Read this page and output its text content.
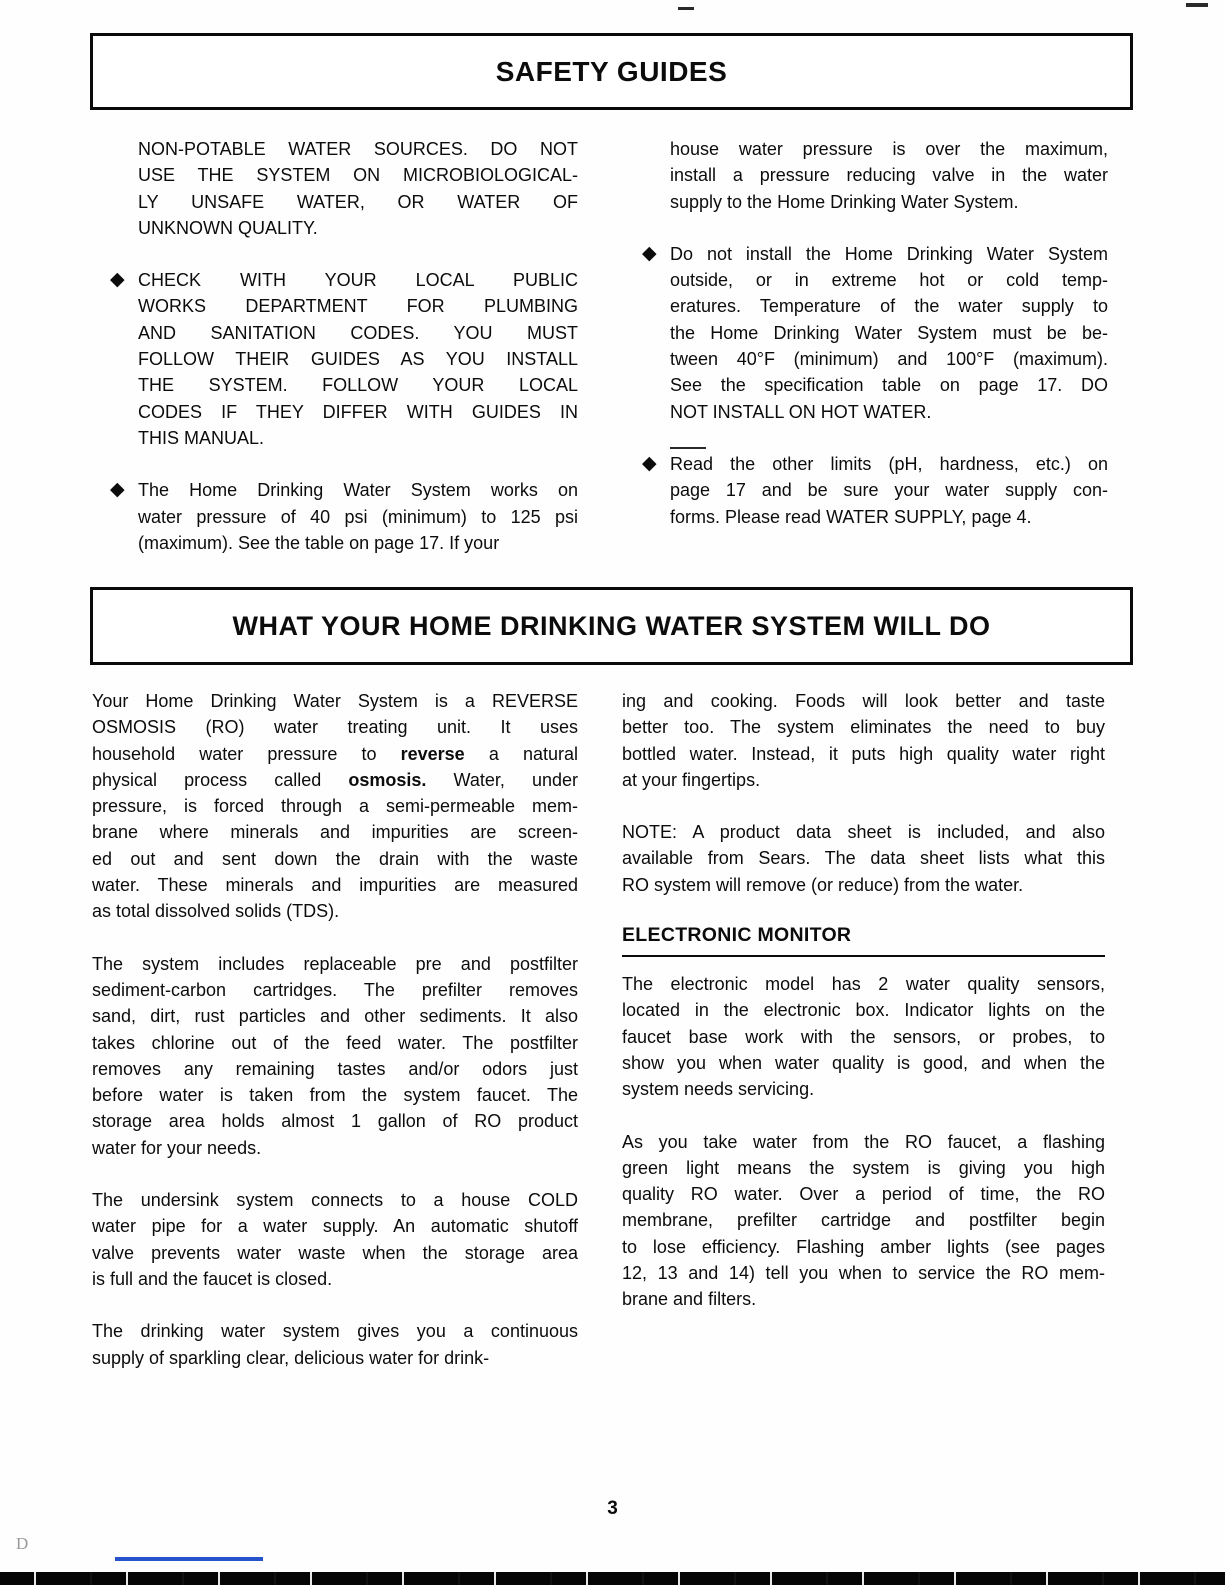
SAFETY GUIDES
NON-POTABLE WATER SOURCES. DO NOT
USE THE SYSTEM ON MICROBIOLOGICAL-
LY UNSAFE WATER, OR WATER OF
UNKNOWN QUALITY.
◆ CHECK WITH YOUR LOCAL PUBLIC
WORKS DEPARTMENT FOR PLUMBING
AND SANITATION CODES. YOU MUST
FOLLOW THEIR GUIDES AS YOU INSTALL
THE SYSTEM. FOLLOW YOUR LOCAL
CODES IF THEY DIFFER WITH GUIDES IN
THIS MANUAL.
◆ The Home Drinking Water System works on
water pressure of 40 psi (minimum) to 125 psi
(maximum). See the table on page 17. If your
house water pressure is over the maximum,
install a pressure reducing valve in the water
supply to the Home Drinking Water System.
◆ Do not install the Home Drinking Water System
outside, or in extreme hot or cold temp-
eratures. Temperature of the water supply to
the Home Drinking Water System must be be-
tween 40°F (minimum) and 100°F (maximum).
See the specification table on page 17. DO
NOT INSTALL ON HOT WATER.
◆ Read the other limits (pH, hardness, etc.) on
page 17 and be sure your water supply con-
forms. Please read WATER SUPPLY, page 4.
WHAT YOUR HOME DRINKING WATER SYSTEM WILL DO
Your Home Drinking Water System is a REVERSE
OSMOSIS (RO) water treating unit. It uses
household water pressure to reverse a natural
physical process called osmosis. Water, under
pressure, is forced through a semi-permeable mem-
brane where minerals and impurities are screen-
ed out and sent down the drain with the waste
water. These minerals and impurities are measured
as total dissolved solids (TDS).
The system includes replaceable pre and postfilter
sediment-carbon cartridges. The prefilter removes
sand, dirt, rust particles and other sediments. It also
takes chlorine out of the feed water. The postfilter
removes any remaining tastes and/or odors just
before water is taken from the system faucet. The
storage area holds almost 1 gallon of RO product
water for your needs.
The undersink system connects to a house COLD
water pipe for a water supply. An automatic shutoff
valve prevents water waste when the storage area
is full and the faucet is closed.
The drinking water system gives you a continuous
supply of sparkling clear, delicious water for drink-
ing and cooking. Foods will look better and taste
better too. The system eliminates the need to buy
bottled water. Instead, it puts high quality water right
at your fingertips.
NOTE: A product data sheet is included, and also
available from Sears. The data sheet lists what this
RO system will remove (or reduce) from the water.
ELECTRONIC MONITOR
The electronic model has 2 water quality sensors,
located in the electronic box. Indicator lights on the
faucet base work with the sensors, or probes, to
show you when water quality is good, and when the
system needs servicing.
As you take water from the RO faucet, a flashing
green light means the system is giving you high
quality RO water. Over a period of time, the RO
membrane, prefilter cartridge and postfilter begin
to lose efficiency. Flashing amber lights (see pages
12, 13 and 14) tell you when to service the RO mem-
brane and filters.
3
D
